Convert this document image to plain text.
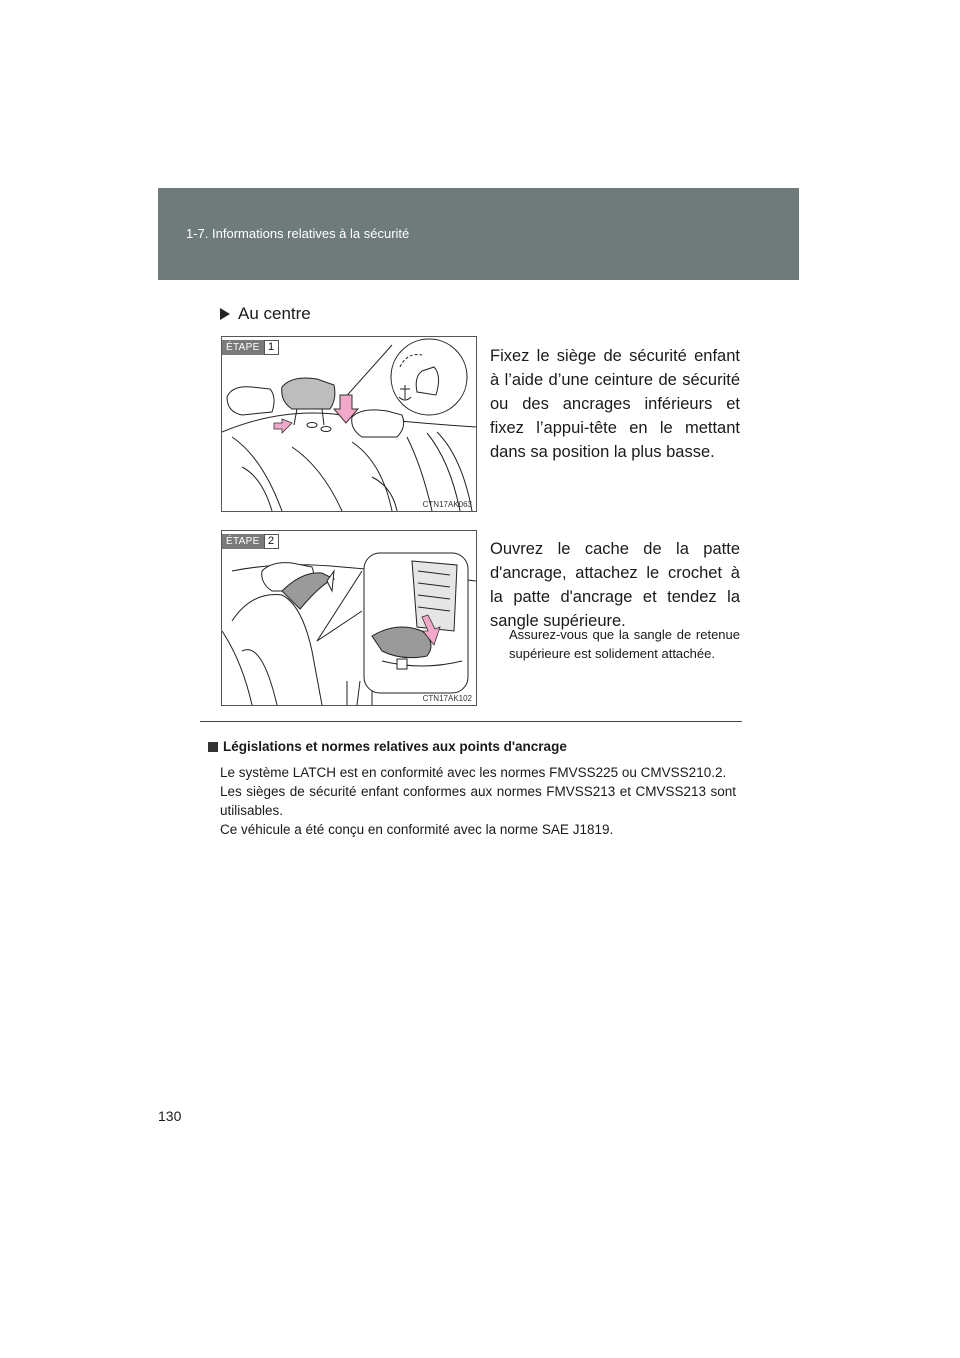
1-7. Informations relatives à la sécurité
Au centre
ÉTAPE 1
CTN17AK063
Fixez le siège de sécurité enfant à l’aide d’une ceinture de sécurité ou des ancrages inférieurs et fixez l’appui-tête en le mettant dans sa position la plus basse.
ÉTAPE 2
CTN17AK102
Ouvrez le cache de la patte d'ancrage, attachez le crochet à la patte d'ancrage et tendez la sangle supérieure.
Assurez-vous que la sangle de retenue supérieure est solidement attachée.
Législations et normes relatives aux points d'ancrage

Le système LATCH est en conformité avec les normes FMVSS225 ou CMVSS210.2.

Les sièges de sécurité enfant conformes aux normes FMVSS213 et CMVSS213 sont utilisables.

Ce véhicule a été conçu en conformité avec la norme SAE J1819.

130
